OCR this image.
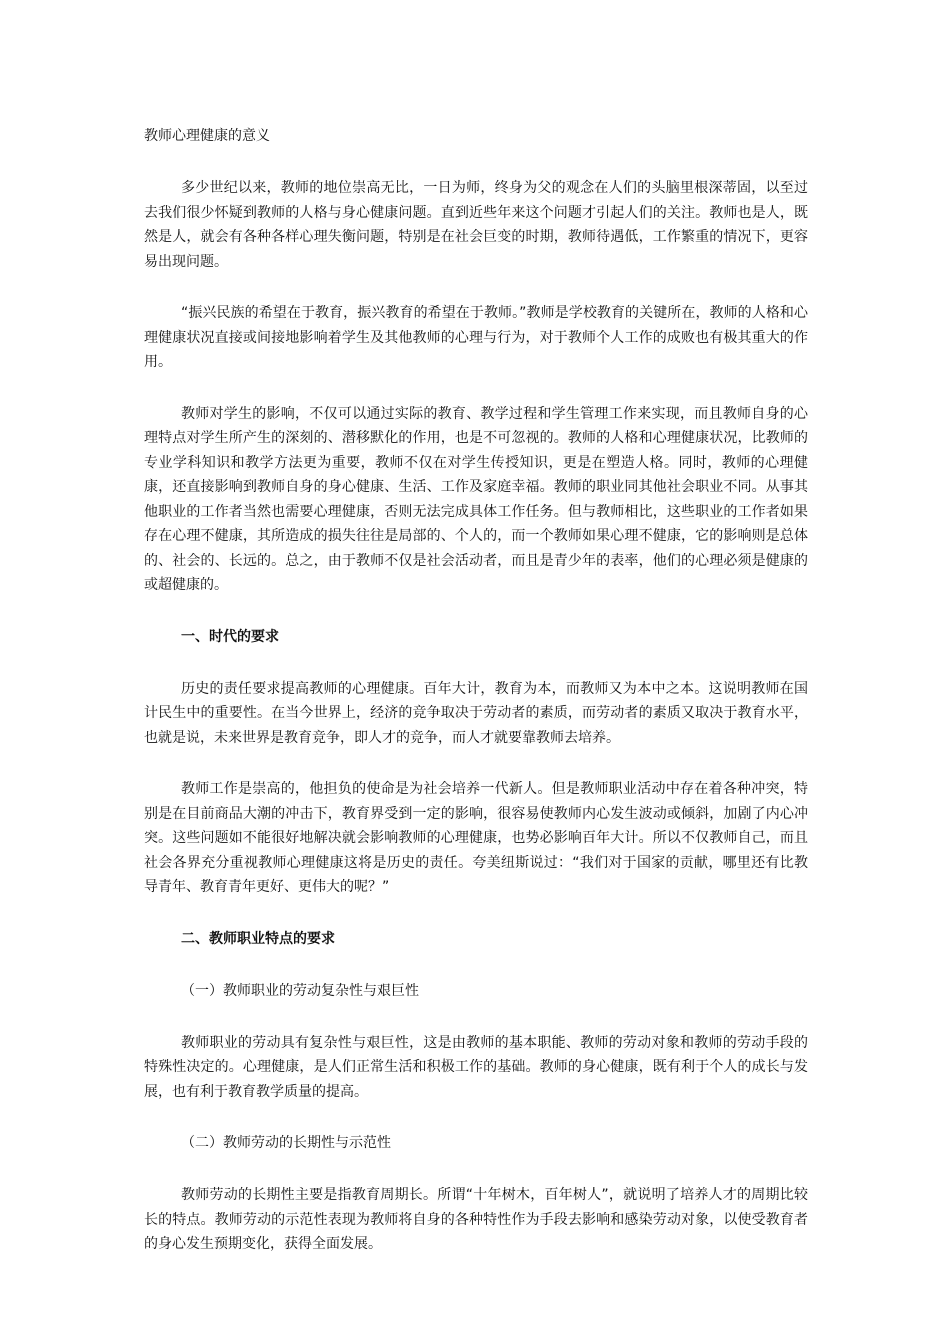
教师心理健康的意义

多少世纪以来，教师的地位崇高无比，一日为师，终身为父的观念在人们的头脑里根深蒂固，以至过去我们很少怀疑到教师的人格与身心健康问题。直到近些年来这个问题才引起人们的关注。教师也是人，既然是人，就会有各种各样心理失衡问题，特别是在社会巨变的时期，教师待遇低，工作繁重的情况下，更容易出现问题。

“振兴民族的希望在于教育，振兴教育的希望在于教师。”教师是学校教育的关键所在，教师的人格和心理健康状况直接或间接地影响着学生及其他教师的心理与行为，对于教师个人工作的成败也有极其重大的作用。

教师对学生的影响，不仅可以通过实际的教育、教学过程和学生管理工作来实现，而且教师自身的心理特点对学生所产生的深刻的、潜移默化的作用，也是不可忽视的。教师的人格和心理健康状况，比教师的专业学科知识和教学方法更为重要，教师不仅在对学生传授知识，更是在塑造人格。同时，教师的心理健康，还直接影响到教师自身的身心健康、生活、工作及家庭幸福。教师的职业同其他社会职业不同。从事其他职业的工作者当然也需要心理健康，否则无法完成具体工作任务。但与教师相比，这些职业的工作者如果存在心理不健康，其所造成的损失往往是局部的、个人的，而一个教师如果心理不健康，它的影响则是总体的、社会的、长远的。总之，由于教师不仅是社会活动者，而且是青少年的表率，他们的心理必须是健康的或超健康的。

一、时代的要求

历史的责任要求提高教师的心理健康。百年大计，教育为本，而教师又为本中之本。这说明教师在国计民生中的重要性。在当今世界上，经济的竞争取决于劳动者的素质，而劳动者的素质又取决于教育水平，也就是说，未来世界是教育竞争，即人才的竞争，而人才就要靠教师去培养。

教师工作是崇高的，他担负的使命是为社会培养一代新人。但是教师职业活动中存在着各种冲突，特别是在目前商品大潮的冲击下，教育界受到一定的影响，很容易使教师内心发生波动或倾斜，加剧了内心冲突。这些问题如不能很好地解决就会影响教师的心理健康，也势必影响百年大计。所以不仅教师自己，而且社会各界充分重视教师心理健康这将是历史的责任。夸美纽斯说过：“我们对于国家的贡献，哪里还有比教导青年、教育青年更好、更伟大的呢？”

二、教师职业特点的要求
（一）教师职业的劳动复杂性与艰巨性

教师职业的劳动具有复杂性与艰巨性，这是由教师的基本职能、教师的劳动对象和教师的劳动手段的特殊性决定的。心理健康，是人们正常生活和积极工作的基础。教师的身心健康，既有利于个人的成长与发展，也有利于教育教学质量的提高。

（二）教师劳动的长期性与示范性

教师劳动的长期性主要是指教育周期长。所谓“十年树木，百年树人”，就说明了培养人才的周期比较长的特点。教师劳动的示范性表现为教师将自身的各种特性作为手段去影响和感染劳动对象，以使受教育者的身心发生预期变化，获得全面发展。
